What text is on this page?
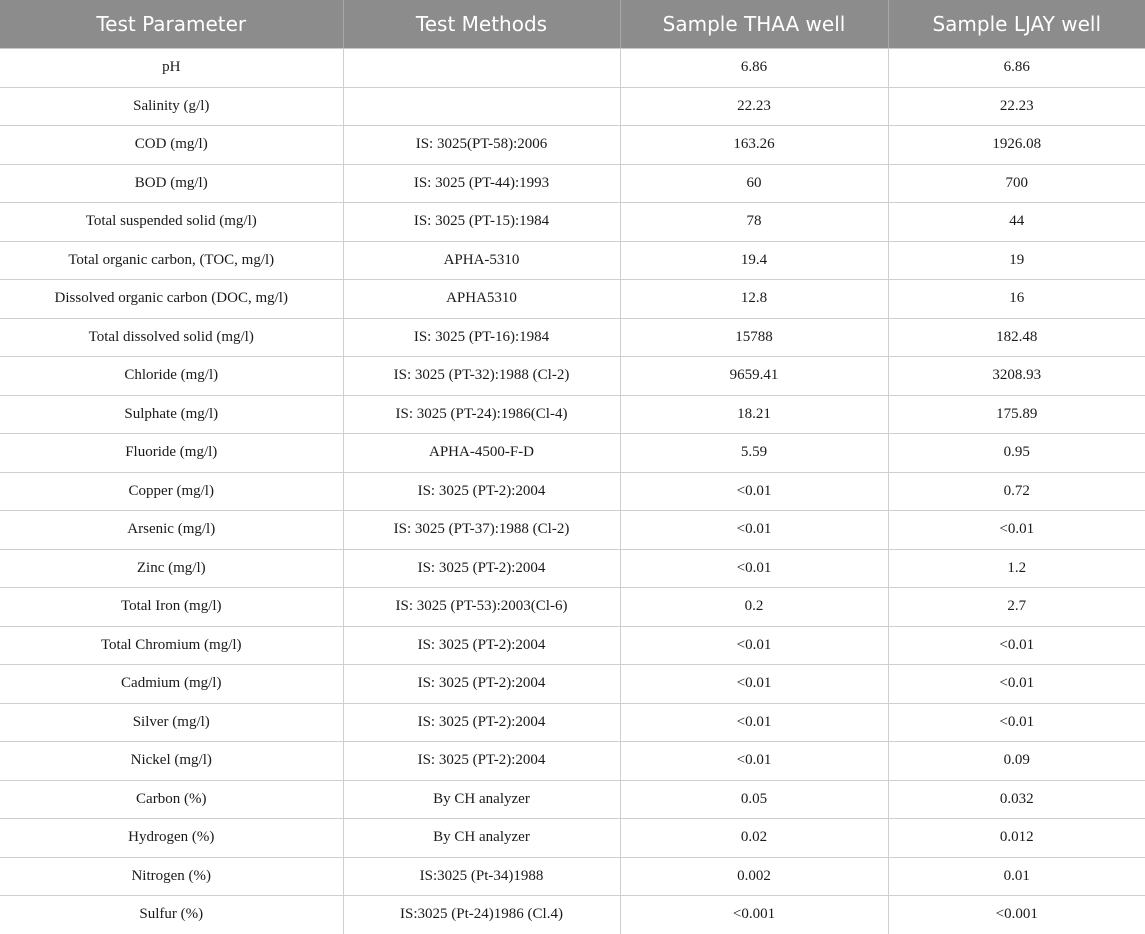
Test Parameter	Test Methods	Sample THAA well	Sample LJAY well
pH		6.86	6.86
Salinity (g/l)		22.23	22.23
COD (mg/l)	IS: 3025(PT-58):2006	163.26	1926.08
BOD (mg/l)	IS: 3025 (PT-44):1993	60	700
Total suspended solid (mg/l)	IS: 3025 (PT-15):1984	78	44
Total organic carbon, (TOC, mg/l)	APHA-5310	19.4	19
Dissolved organic carbon (DOC, mg/l)	APHA5310	12.8	16
Total dissolved solid (mg/l)	IS: 3025 (PT-16):1984	15788	182.48
Chloride (mg/l)	IS: 3025 (PT-32):1988 (Cl-2)	9659.41	3208.93
Sulphate (mg/l)	IS: 3025 (PT-24):1986(Cl-4)	18.21	175.89
Fluoride (mg/l)	APHA-4500-F-D	5.59	0.95
Copper (mg/l)	IS: 3025 (PT-2):2004	<0.01	0.72
Arsenic (mg/l)	IS: 3025 (PT-37):1988 (Cl-2)	<0.01	<0.01
Zinc (mg/l)	IS: 3025 (PT-2):2004	<0.01	1.2
Total Iron (mg/l)	IS: 3025 (PT-53):2003(Cl-6)	0.2	2.7
Total Chromium (mg/l)	IS: 3025 (PT-2):2004	<0.01	<0.01
Cadmium (mg/l)	IS: 3025 (PT-2):2004	<0.01	<0.01
Silver (mg/l)	IS: 3025 (PT-2):2004	<0.01	<0.01
Nickel (mg/l)	IS: 3025 (PT-2):2004	<0.01	0.09
Carbon (%)	By CH analyzer	0.05	0.032
Hydrogen (%)	By CH analyzer	0.02	0.012
Nitrogen (%)	IS:3025 (Pt-34)1988	0.002	0.01
Sulfur (%)	IS:3025 (Pt-24)1986 (Cl.4)	<0.001	<0.001
